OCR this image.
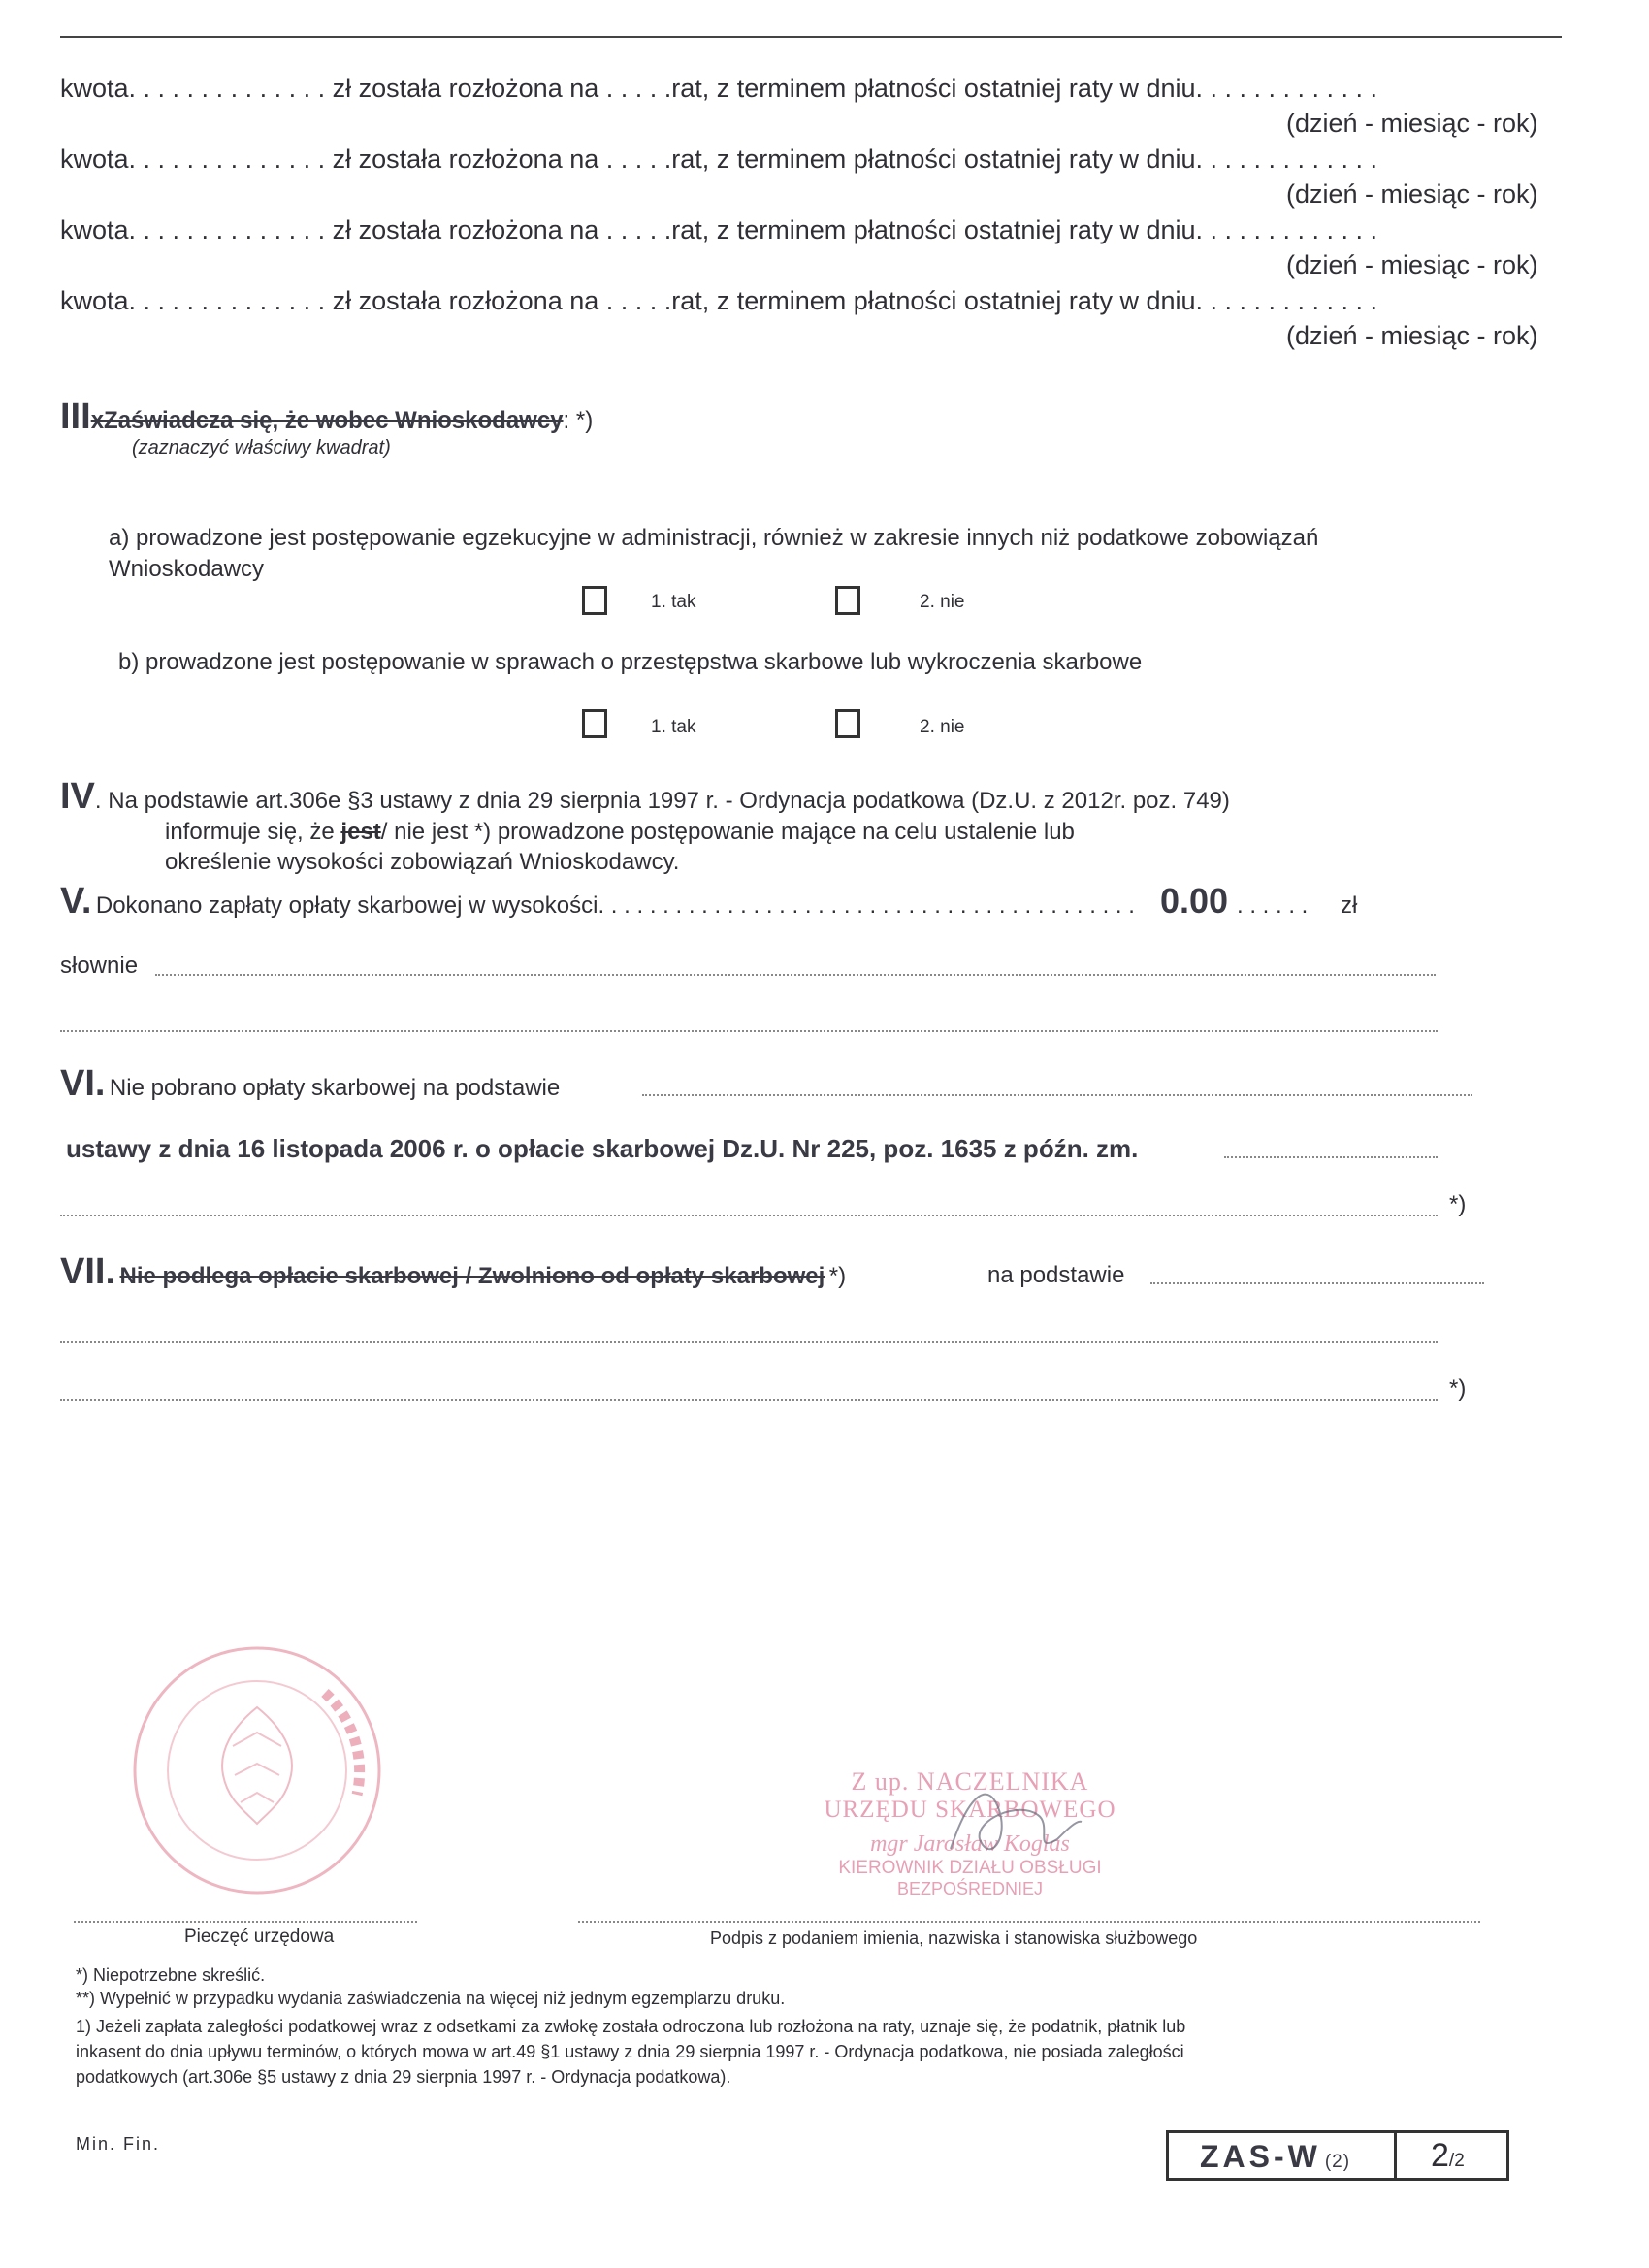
kwota. . . . . . . . . . . . . . zł została rozłożona na . . . . .rat, z terminem płatności ostatniej raty w dniu. . . . . . . . . . . . .
(dzień - miesiąc - rok)
kwota. . . . . . . . . . . . . . zł została rozłożona na . . . . .rat, z terminem płatności ostatniej raty w dniu. . . . . . . . . . . . .
(dzień - miesiąc - rok)
kwota. . . . . . . . . . . . . . zł została rozłożona na . . . . .rat, z terminem płatności ostatniej raty w dniu. . . . . . . . . . . . .
(dzień - miesiąc - rok)
kwota. . . . . . . . . . . . . . zł została rozłożona na . . . . .rat, z terminem płatności ostatniej raty w dniu. . . . . . . . . . . . .
(dzień - miesiąc - rok)
IIIxZaświadcza się, że wobec Wnioskodawcy: *)
(zaznaczyć właściwy kwadrat)
a) prowadzone jest postępowanie egzekucyjne w administracji, również w zakresie innych niż podatkowe zobowiązań
Wnioskodawcy
1. tak	2. nie
b) prowadzone jest postępowanie w sprawach o przestępstwa skarbowe lub wykroczenia skarbowe
1. tak	2. nie
IV. Na podstawie art.306e §3 ustawy z dnia 29 sierpnia 1997 r. - Ordynacja podatkowa (Dz.U. z 2012r. poz. 749)
informuje się, że jest/ nie jest *) prowadzone postępowanie mające na celu ustalenie lub
określenie wysokości zobowiązań Wnioskodawcy.
V. Dokonano zapłaty opłaty skarbowej w wysokości. . . . . . . . . . . . . . . . . . . . . . . . . . . . . . . . . . . . . . . . . . 0.00 . . . . . . zł
słownie
VI. Nie pobrano opłaty skarbowej na podstawie
ustawy z dnia 16 listopada 2006 r. o opłacie skarbowej Dz.U. Nr 225, poz. 1635 z późn. zm.
*)
VII. Nie podlega opłacie skarbowej / Zwolniono od opłaty skarbowej *)	na podstawie
*)
Z up. NACZELNIKA
URZĘDU SKARBOWEGO
mgr Jarosław Koglas
KIEROWNIK DZIAŁU OBSŁUGI
BEZPOŚREDNIEJ
Pieczęć urzędowa	Podpis z podaniem imienia, nazwiska i stanowiska służbowego
*) Niepotrzebne skreślić.
**) Wypełnić w przypadku wydania zaświadczenia na więcej niż jednym egzemplarzu druku.
1) Jeżeli zapłata zaległości podatkowej wraz z odsetkami za zwłokę została odroczona lub rozłożona na raty, uznaje się, że podatnik, płatnik lub
inkasent do dnia upływu terminów, o których mowa w art.49 §1 ustawy z dnia 29 sierpnia 1997 r. - Ordynacja podatkowa, nie posiada zaległości
podatkowych (art.306e §5 ustawy z dnia 29 sierpnia 1997 r. - Ordynacja podatkowa).
Min. Fin.	ZAS-W (2) 2/2
